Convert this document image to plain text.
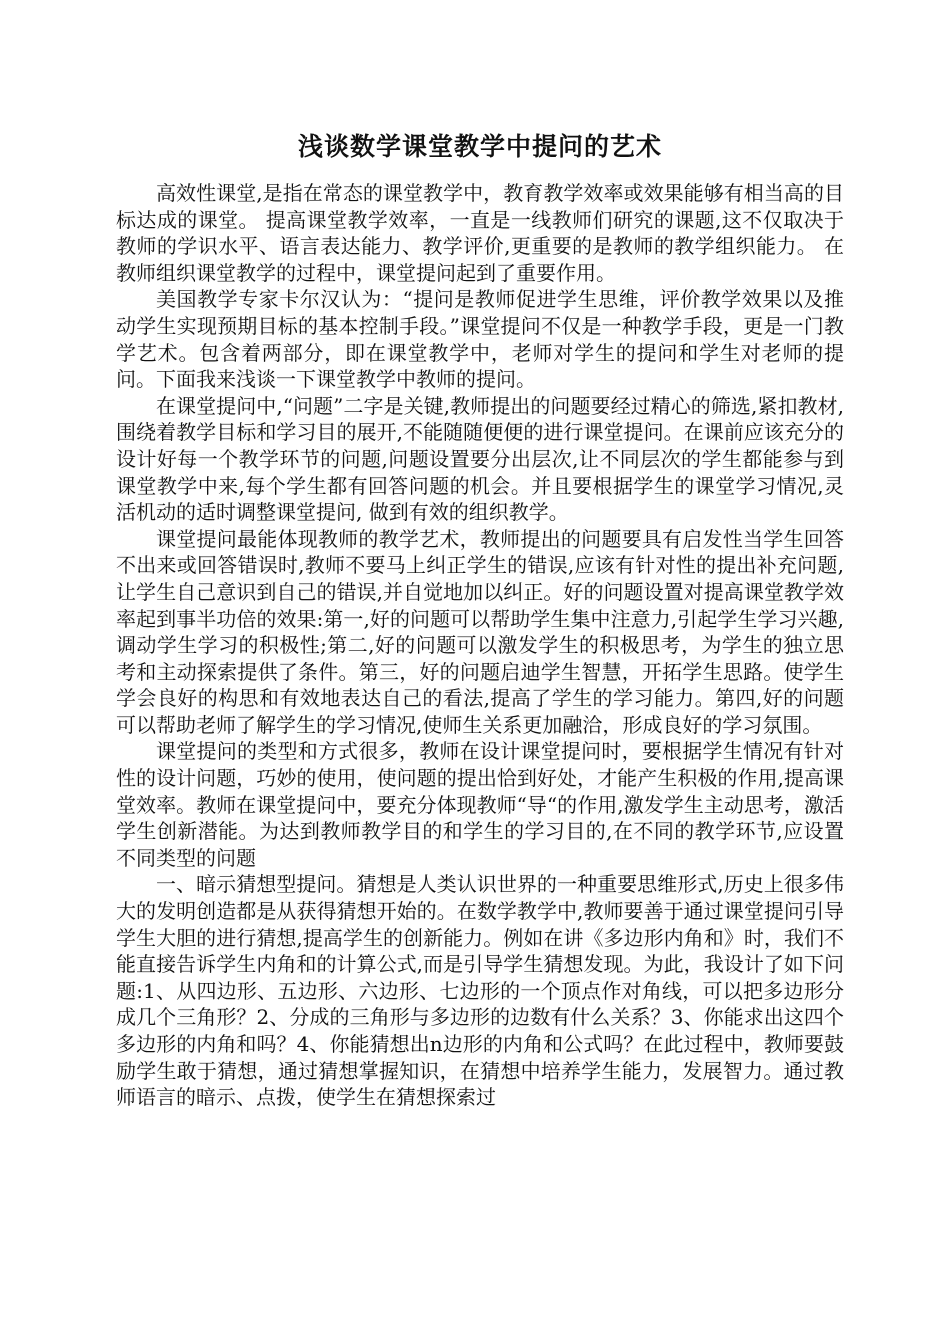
浅谈数学课堂教学中提问的艺术

高效性课堂,是指在常态的课堂教学中，教育教学效率或效果能够有相当高的目标达成的课堂。 提高课堂教学效率，一直是一线教师们研究的课题,这不仅取决于教师的学识水平、语言表达能力、教学评价,更重要的是教师的教学组织能力。 在教师组织课堂教学的过程中，课堂提问起到了重要作用。

美国教学专家卡尔汉认为：“提问是教师促进学生思维，评价教学效果以及推动学生实现预期目标的基本控制手段。”课堂提问不仅是一种教学手段，更是一门教学艺术。包含着两部分，即在课堂教学中，老师对学生的提问和学生对老师的提问。下面我来浅谈一下课堂教学中教师的提问。

在课堂提问中,“问题”二字是关键,教师提出的问题要经过精心的筛选,紧扣教材,围绕着教学目标和学习目的展开,不能随随便便的进行课堂提问。在课前应该充分的设计好每一个教学环节的问题,问题设置要分出层次,让不同层次的学生都能参与到课堂教学中来,每个学生都有回答问题的机会。并且要根据学生的课堂学习情况,灵活机动的适时调整课堂提问, 做到有效的组织教学。

课堂提问最能体现教师的教学艺术，教师提出的问题要具有启发性当学生回答不出来或回答错误时,教师不要马上纠正学生的错误,应该有针对性的提出补充问题,让学生自己意识到自己的错误,并自觉地加以纠正。好的问题设置对提高课堂教学效率起到事半功倍的效果:第一,好的问题可以帮助学生集中注意力,引起学生学习兴趣,调动学生学习的积极性;第二,好的问题可以激发学生的积极思考，为学生的独立思考和主动探索提供了条件。第三，好的问题启迪学生智慧，开拓学生思路。使学生学会良好的构思和有效地表达自己的看法,提高了学生的学习能力。第四,好的问题可以帮助老师了解学生的学习情况,使师生关系更加融洽，形成良好的学习氛围。

课堂提问的类型和方式很多，教师在设计课堂提问时，要根据学生情况有针对性的设计问题，巧妙的使用，使问题的提出恰到好处，才能产生积极的作用,提高课堂效率。教师在课堂提问中，要充分体现教师“导“的作用,激发学生主动思考，激活学生创新潜能。为达到教师教学目的和学生的学习目的,在不同的教学环节,应设置不同类型的问题

一、暗示猜想型提问。猜想是人类认识世界的一种重要思维形式,历史上很多伟大的发明创造都是从获得猜想开始的。在数学教学中,教师要善于通过课堂提问引导学生大胆的进行猜想,提高学生的创新能力。例如在讲《多边形内角和》时，我们不能直接告诉学生内角和的计算公式,而是引导学生猜想发现。为此，我设计了如下问题:1、从四边形、五边形、六边形、七边形的一个顶点作对角线，可以把多边形分成几个三角形？2、分成的三角形与多边形的边数有什么关系？3、你能求出这四个多边形的内角和吗？4、你能猜想出n边形的内角和公式吗？在此过程中，教师要鼓励学生敢于猜想，通过猜想掌握知识，在猜想中培养学生能力，发展智力。通过教师语言的暗示、点拨，使学生在猜想探索过
